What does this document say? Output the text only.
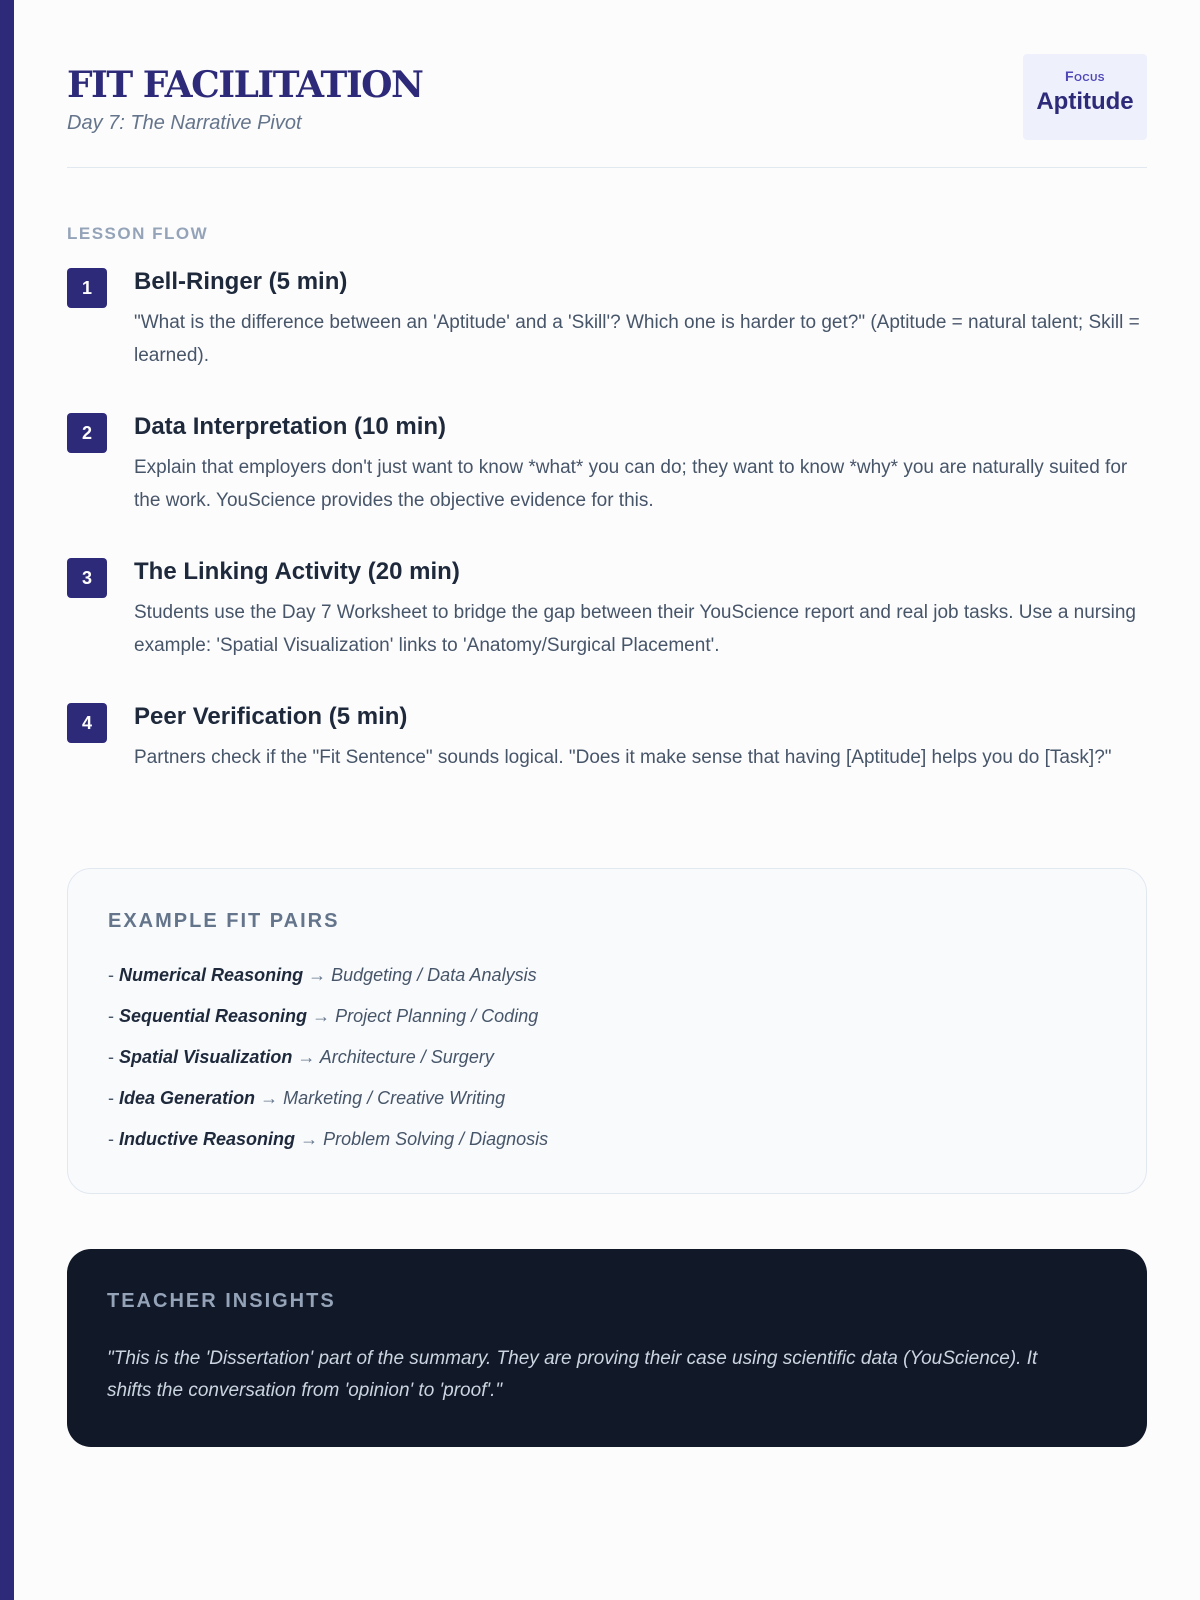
FIT FACILITATION
Day 7: The Narrative Pivot
Focus
Aptitude
LESSON FLOW
1	Bell-Ringer (5 min)
"What is the difference between an 'Aptitude' and a 'Skill'? Which one is harder to get?" (Aptitude = natural talent; Skill = learned).
2	Data Interpretation (10 min)
Explain that employers don't just want to know *what* you can do; they want to know *why* you are naturally suited for the work. YouScience provides the objective evidence for this.
3	The Linking Activity (20 min)
Students use the Day 7 Worksheet to bridge the gap between their YouScience report and real job tasks. Use a nursing example: 'Spatial Visualization' links to 'Anatomy/Surgical Placement'.
4	Peer Verification (5 min)
Partners check if the "Fit Sentence" sounds logical. "Does it make sense that having [Aptitude] helps you do [Task]?"
EXAMPLE FIT PAIRS
- Numerical Reasoning → Budgeting / Data Analysis
- Sequential Reasoning → Project Planning / Coding
- Spatial Visualization → Architecture / Surgery
- Idea Generation → Marketing / Creative Writing
- Inductive Reasoning → Problem Solving / Diagnosis
TEACHER INSIGHTS
"This is the 'Dissertation' part of the summary. They are proving their case using scientific data (YouScience). It shifts the conversation from 'opinion' to 'proof'."
